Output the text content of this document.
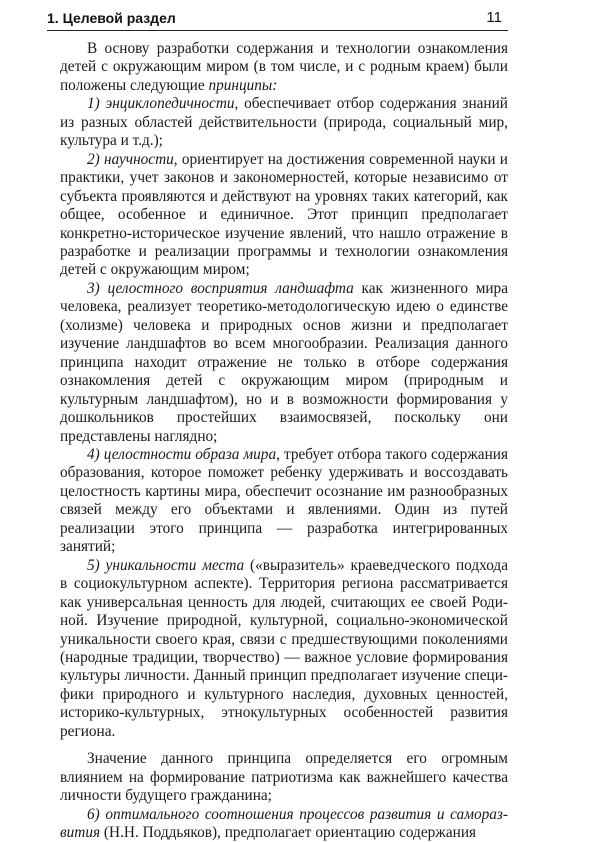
1. Целевой раздел	11

В основу разработки содержания и технологии ознакомления детей с окружающим миром (в том числе, и с родным краем) были положены следующие принципы:

1) энциклопедичности, обеспечивает отбор содержания знаний из разных областей действительности (природа, социальный мир, культура и т.д.);

2) научности, ориентирует на достижения современной науки и практики, учет законов и закономерностей, которые независимо от субъекта проявляются и действуют на уровнях таких категорий, как общее, особенное и единичное. Этот принцип предполагает конкретно-историческое изучение явлений, что нашло отражение в разработке и реализации программы и технологии ознакомления детей с окружающим миром;

3) целостного восприятия ландшафта как жизненного мира человека, реализует теоретико-методологическую идею о единстве (холизме) человека и природных основ жизни и предполагает изучение ландшафтов во всем многообразии. Реализация данного принципа находит отражение не только в отборе содержания ознакомления детей с окружающим миром (природным и культурным ландшафтом), но и в возможности формирования у дошкольников простейших взаимосвязей, поскольку они представлены наглядно;

4) целостности образа мира, требует отбора такого содержания образования, которое поможет ребенку удерживать и воссоздавать целостность картины мира, обеспечит осознание им разнообразных связей между его объектами и явлениями. Один из путей реализации этого принципа — разработка интегрированных занятий;

5) уникальности места («выразитель» краеведческого подхода в социокультурном аспекте). Территория региона рассматривается как универсальная ценность для людей, считающих ее своей Родиной. Изучение природной, культурной, социально-экономической уникальности своего края, связи с предшествующими поколениями (народные традиции, творчество) — важное условие формирования культуры личности. Данный принцип предполагает изучение специфики природного и культурного наследия, духовных ценностей, историко-культурных, этнокультурных особенностей развития региона.

Значение данного принципа определяется его огромным влиянием на формирование патриотизма как важнейшего качества личности будущего гражданина;

6) оптимального соотношения процессов развития и саморазвития (Н.Н. Поддьяков), предполагает ориентацию содержания
